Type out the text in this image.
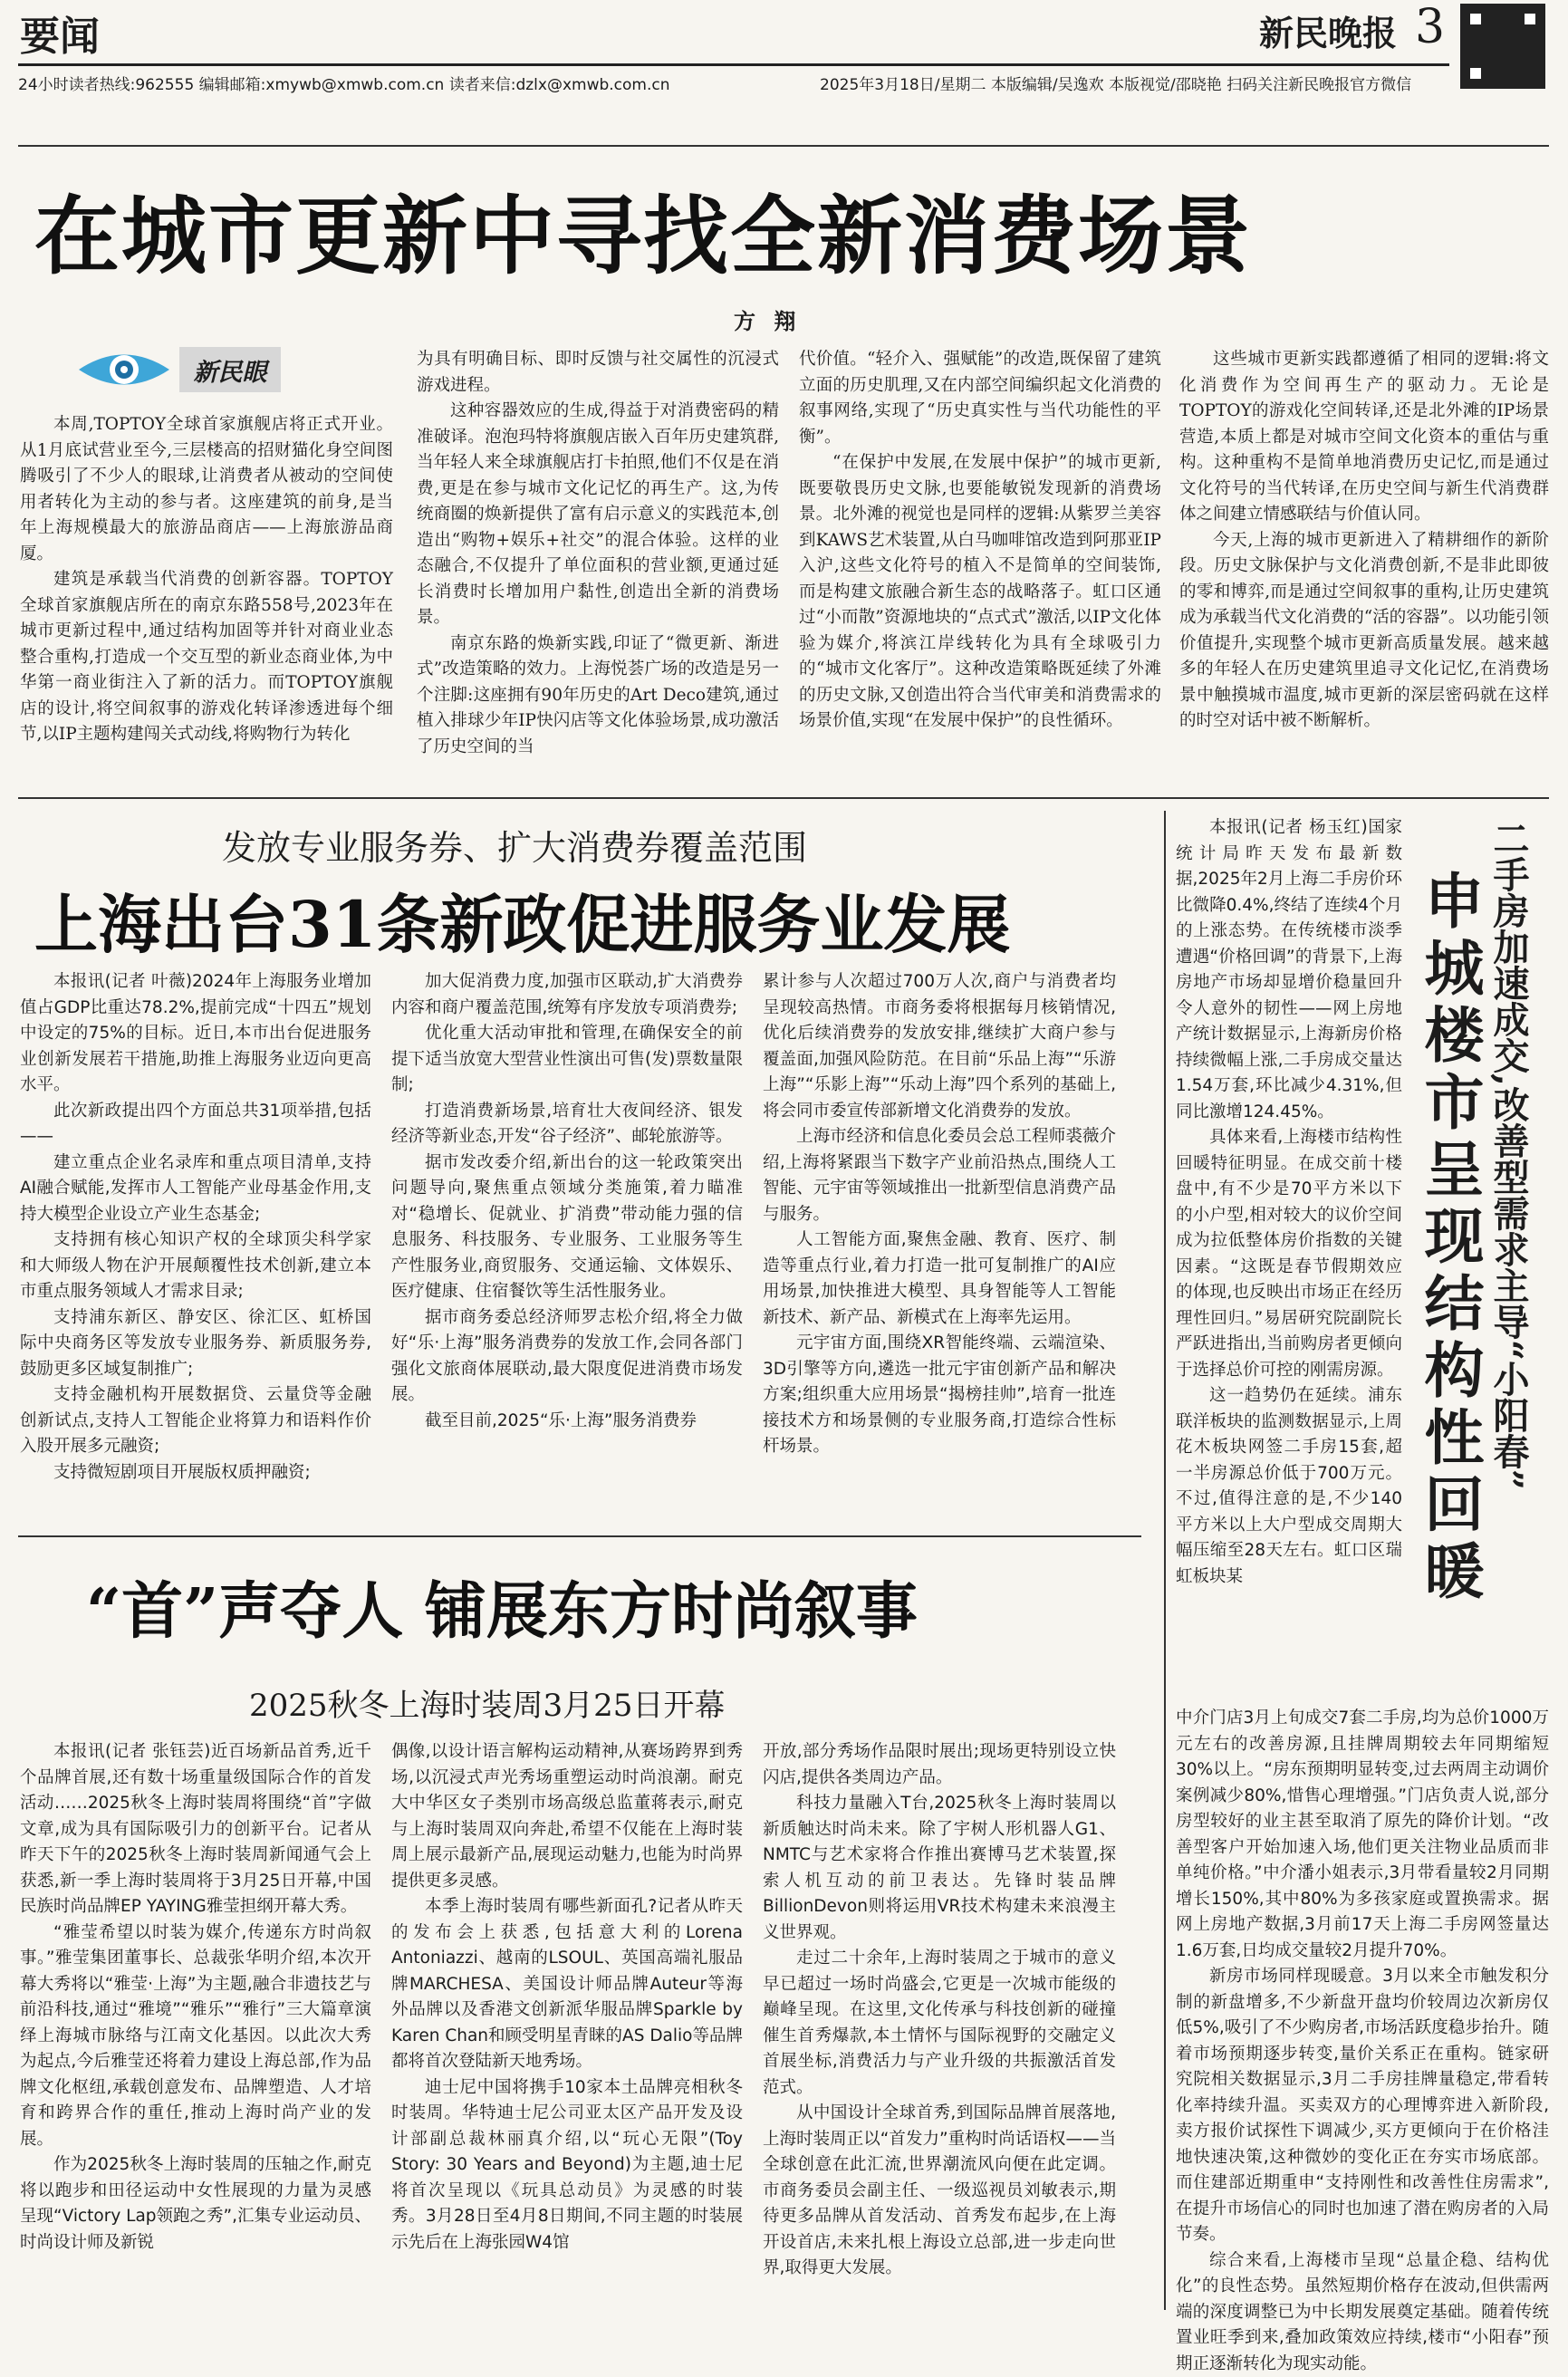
要闻	新民晚报 3
24小时读者热线:962555 编辑邮箱:xmywb@xmwb.com.cn 读者来信:dzlx@xmwb.com.cn	2025年3月18日/星期二 本版编辑/吴逸欢 本版视觉/邵晓艳 扫码关注新民晚报官方微信
在城市更新中寻找全新消费场景
方 翔
新民眼

本周,TOPTOY全球首家旗舰店将正式开业。从1月底试营业至今,三层楼高的招财猫化身空间图腾吸引了不少人的眼球,让消费者从被动的空间使用者转化为主动的参与者。这座建筑的前身,是当年上海规模最大的旅游品商店——上海旅游品商厦。

建筑是承载当代消费的创新容器。TOPTOY全球首家旗舰店所在的南京东路558号,2023年在城市更新过程中,通过结构加固等并针对商业业态整合重构,打造成一个交互型的新业态商业体,为中华第一商业街注入了新的活力。而TOPTOY旗舰店的设计,将空间叙事的游戏化转译渗透进每个细节,以IP主题构建闯关式动线,将购物行为转化

为具有明确目标、即时反馈与社交属性的沉浸式游戏进程。

这种容器效应的生成,得益于对消费密码的精准破译。泡泡玛特将旗舰店嵌入百年历史建筑群,当年轻人来全球旗舰店打卡拍照,他们不仅是在消费,更是在参与城市文化记忆的再生产。这,为传统商圈的焕新提供了富有启示意义的实践范本,创造出“购物+娱乐+社交”的混合体验。这样的业态融合,不仅提升了单位面积的营业额,更通过延长消费时长增加用户黏性,创造出全新的消费场景。

南京东路的焕新实践,印证了“微更新、渐进式”改造策略的效力。上海悦荟广场的改造是另一个注脚:这座拥有90年历史的Art Deco建筑,通过植入排球少年IP快闪店等文化体验场景,成功激活了历史空间的当

代价值。“轻介入、强赋能”的改造,既保留了建筑立面的历史肌理,又在内部空间编织起文化消费的叙事网络,实现了“历史真实性与当代功能性的平衡”。

“在保护中发展,在发展中保护”的城市更新,既要敬畏历史文脉,也要能敏锐发现新的消费场景。北外滩的视觉也是同样的逻辑:从紫罗兰美容到KAWS艺术装置,从白马咖啡馆改造到阿那亚IP入沪,这些文化符号的植入不是简单的空间装饰,而是构建文旅融合新生态的战略落子。虹口区通过“小而散”资源地块的“点式式”激活,以IP文化体验为媒介,将滨江岸线转化为具有全球吸引力的“城市文化客厅”。这种改造策略既延续了外滩的历史文脉,又创造出符合当代审美和消费需求的场景价值,实现“在发展中保护”的良性循环。

这些城市更新实践都遵循了相同的逻辑:将文化消费作为空间再生产的驱动力。无论是TOPTOY的游戏化空间转译,还是北外滩的IP场景营造,本质上都是对城市空间文化资本的重估与重构。这种重构不是简单地消费历史记忆,而是通过文化符号的当代转译,在历史空间与新生代消费群体之间建立情感联结与价值认同。

今天,上海的城市更新进入了精耕细作的新阶段。历史文脉保护与文化消费创新,不是非此即彼的零和博弈,而是通过空间叙事的重构,让历史建筑成为承载当代文化消费的“活的容器”。以功能引领价值提升,实现整个城市更新高质量发展。越来越多的年轻人在历史建筑里追寻文化记忆,在消费场景中触摸城市温度,城市更新的深层密码就在这样的时空对话中被不断解析。

发放专业服务券、扩大消费券覆盖范围
上海出台31条新政促进服务业发展

本报讯(记者 叶薇)2024年上海服务业增加值占GDP比重达78.2%,提前完成“十四五”规划中设定的75%的目标。近日,本市出台促进服务业创新发展若干措施,助推上海服务业迈向更高水平。

此次新政提出四个方面总共31项举措,包括——

建立重点企业名录库和重点项目清单,支持AI融合赋能,发挥市人工智能产业母基金作用,支持大模型企业设立产业生态基金;

支持拥有核心知识产权的全球顶尖科学家和大师级人物在沪开展颠覆性技术创新,建立本市重点服务领域人才需求目录;

支持浦东新区、静安区、徐汇区、虹桥国际中央商务区等发放专业服务券、新质服务券,鼓励更多区域复制推广;

支持金融机构开展数据贷、云量贷等金融创新试点,支持人工智能企业将算力和语料作价入股开展多元融资;

支持微短剧项目开展版权质押融资;

加大促消费力度,加强市区联动,扩大消费券内容和商户覆盖范围,统筹有序发放专项消费券;

优化重大活动审批和管理,在确保安全的前提下适当放宽大型营业性演出可售(发)票数量限制;

打造消费新场景,培育壮大夜间经济、银发经济等新业态,开发“谷子经济”、邮轮旅游等。

据市发改委介绍,新出台的这一轮政策突出问题导向,聚焦重点领域分类施策,着力瞄准对“稳增长、促就业、扩消费”带动能力强的信息服务、科技服务、专业服务、工业服务等生产性服务业,商贸服务、交通运输、文体娱乐、医疗健康、住宿餐饮等生活性服务业。

据市商务委总经济师罗志松介绍,将全力做好“乐·上海”服务消费券的发放工作,会同各部门强化文旅商体展联动,最大限度促进消费市场发展。

截至目前,2025“乐·上海”服务消费券

累计参与人次超过700万人次,商户与消费者均呈现较高热情。市商务委将根据每月核销情况,优化后续消费券的发放安排,继续扩大商户参与覆盖面,加强风险防范。在目前“乐品上海”“乐游上海”“乐影上海”“乐动上海”四个系列的基础上,将会同市委宣传部新增文化消费券的发放。

上海市经济和信息化委员会总工程师裘薇介绍,上海将紧跟当下数字产业前沿热点,围绕人工智能、元宇宙等领域推出一批新型信息消费产品与服务。

人工智能方面,聚焦金融、教育、医疗、制造等重点行业,着力打造一批可复制推广的AI应用场景,加快推进大模型、具身智能等人工智能新技术、新产品、新模式在上海率先运用。

元宇宙方面,围绕XR智能终端、云端渲染、3D引擎等方向,遴选一批元宇宙创新产品和解决方案;组织重大应用场景“揭榜挂帅”,培育一批连接技术方和场景侧的专业服务商,打造综合性标杆场景。

“首”声夺人 铺展东方时尚叙事
2025秋冬上海时装周3月25日开幕

本报讯(记者 张钰芸)近百场新品首秀,近千个品牌首展,还有数十场重量级国际合作的首发活动……2025秋冬上海时装周将围绕“首”字做文章,成为具有国际吸引力的创新平台。记者从昨天下午的2025秋冬上海时装周新闻通气会上获悉,新一季上海时装周将于3月25日开幕,中国民族时尚品牌EP YAYING雅莹担纲开幕大秀。

“雅莹希望以时装为媒介,传递东方时尚叙事。”雅莹集团董事长、总裁张华明介绍,本次开幕大秀将以“雅莹·上海”为主题,融合非遗技艺与前沿科技,通过“雅境”“雅乐”“雅行”三大篇章演绎上海城市脉络与江南文化基因。以此次大秀为起点,今后雅莹还将着力建设上海总部,作为品牌文化枢纽,承载创意发布、品牌塑造、人才培育和跨界合作的重任,推动上海时尚产业的发展。

作为2025秋冬上海时装周的压轴之作,耐克将以跑步和田径运动中女性展现的力量为灵感呈现“Victory Lap领跑之秀”,汇集专业运动员、时尚设计师及新锐

偶像,以设计语言解构运动精神,从赛场跨界到秀场,以沉浸式声光秀场重塑运动时尚浪潮。耐克大中华区女子类别市场高级总监董蒋表示,耐克与上海时装周双向奔赴,希望不仅能在上海时装周上展示最新产品,展现运动魅力,也能为时尚界提供更多灵感。

本季上海时装周有哪些新面孔?记者从昨天的发布会上获悉,包括意大利的Lorena Antoniazzi、越南的LSOUL、英国高端礼服品牌MARCHESA、美国设计师品牌Auteur等海外品牌以及香港文创新派华服品牌Sparkle by Karen Chan和顾受明星青睐的AS Dalio等品牌都将首次登陆新天地秀场。

迪士尼中国将携手10家本土品牌亮相秋冬时装周。华特迪士尼公司亚太区产品开发及设计部副总裁林丽真介绍,以“玩心无限”(Toy Story: 30 Years and Beyond)为主题,迪士尼将首次呈现以《玩具总动员》为灵感的时装秀。3月28日至4月8日期间,不同主题的时装展示先后在上海张园W4馆

开放,部分秀场作品限时展出;现场更特别设立快闪店,提供各类周边产品。

科技力量融入T台,2025秋冬上海时装周以新质触达时尚未来。除了宇树人形机器人G1、NMTC与艺术家将合作推出赛博马艺术装置,探索人机互动的前卫表达。先锋时装品牌BillionDevon则将运用VR技术构建未来浪漫主义世界观。

走过二十余年,上海时装周之于城市的意义早已超过一场时尚盛会,它更是一次城市能级的巅峰呈现。在这里,文化传承与科技创新的碰撞催生首秀爆款,本土情怀与国际视野的交融定义首展坐标,消费活力与产业升级的共振激活首发范式。

从中国设计全球首秀,到国际品牌首展落地,上海时装周正以“首发力”重构时尚话语权——当全球创意在此汇流,世界潮流风向便在此定调。市商务委员会副主任、一级巡视员刘敏表示,期待更多品牌从首发活动、首秀发布起步,在上海开设首店,未来扎根上海设立总部,进一步走向世界,取得更大发展。

二手房加速成交,改善型需求主导“小阳春”
申城楼市呈现结构性回暖

本报讯(记者 杨玉红)国家统计局昨天发布最新数据,2025年2月上海二手房价环比微降0.4%,终结了连续4个月的上涨态势。在传统楼市淡季遭遇“价格回调”的背景下,上海房地产市场却显增价稳量回升令人意外的韧性——网上房地产统计数据显示,上海新房价格持续微幅上涨,二手房成交量达1.54万套,环比减少4.31%,但同比激增124.45%。

具体来看,上海楼市结构性回暖特征明显。在成交前十楼盘中,有不少是70平方米以下的小户型,相对较大的议价空间成为拉低整体房价指数的关键因素。“这既是春节假期效应的体现,也反映出市场正在经历理性回归。”易居研究院副院长严跃进指出,当前购房者更倾向于选择总价可控的刚需房源。

这一趋势仍在延续。浦东联洋板块的监测数据显示,上周花木板块网签二手房15套,超一半房源总价低于700万元。不过,值得注意的是,不少140平方米以上大户型成交周期大幅压缩至28天左右。虹口区瑞虹板块某

中介门店3月上旬成交7套二手房,均为总价1000万元左右的改善房源,且挂牌周期较去年同期缩短30%以上。“房东预期明显转变,过去两周主动调价案例减少80%,惜售心理增强。”门店负责人说,部分房型较好的业主甚至取消了原先的降价计划。“改善型客户开始加速入场,他们更关注物业品质而非单纯价格。”中介潘小姐表示,3月带看量较2月同期增长150%,其中80%为多孩家庭或置换需求。据网上房地产数据,3月前17天上海二手房网签量达1.6万套,日均成交量较2月提升70%。

新房市场同样现暖意。3月以来全市触发积分制的新盘增多,不少新盘开盘均价较周边次新房仅低5%,吸引了不少购房者,市场活跃度稳步抬升。随着市场预期逐步转变,量价关系正在重构。链家研究院相关数据显示,3月二手房挂牌量稳定,带看转化率持续升温。买卖双方的心理博弈进入新阶段,卖方报价试探性下调减少,买方更倾向于在价格洼地快速决策,这种微妙的变化正在夯实市场底部。而住建部近期重申“支持刚性和改善性住房需求”,在提升市场信心的同时也加速了潜在购房者的入局节奏。

综合来看,上海楼市呈现“总量企稳、结构优化”的良性态势。虽然短期价格存在波动,但供需两端的深度调整已为中长期发展奠定基础。随着传统置业旺季到来,叠加政策效应持续,楼市“小阳春”预期正逐渐转化为现实动能。
